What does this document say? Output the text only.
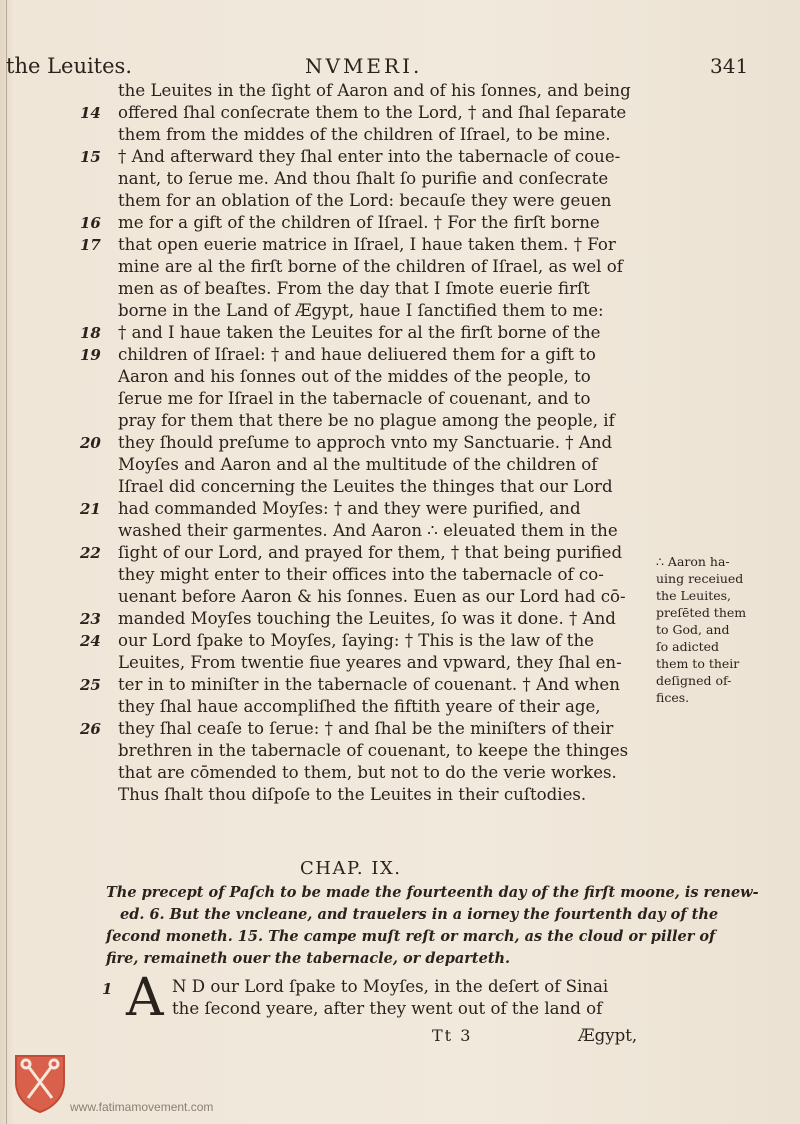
the Leuites.	NVMERI.	341
the Leuites in the ſight of Aaron and of his ſonnes, and being
14	offered ſhal conſecrate them to the Lord, † and ſhal ſeparate
them from the middes of the children of Iſrael, to be mine.
15	† And afterward they ſhal enter into the tabernacle of coue-
nant, to ſerue me. And thou ſhalt ſo purifie and conſecrate
them for an oblation of the Lord: becauſe they were geuen
16	me for a gift of the children of Iſrael. † For the firſt borne
17	that open euerie matrice in Iſrael, I haue taken them. † For
mine are al the firſt borne of the children of Iſrael, as wel of
men as of beaſtes. From the day that I ſmote euerie firſt
borne in the Land of Ægypt, haue I ſanctified them to me:
18	† and I haue taken the Leuites for al the firſt borne of the
19	children of Iſrael: † and haue deliuered them for a gift to
Aaron and his ſonnes out of the middes of the people, to
ſerue me for Iſrael in the tabernacle of couenant, and to
pray for them that there be no plague among the people, if
20	they ſhould preſume to approch vnto my Sanctuarie. † And
Moyſes and Aaron and al the multitude of the children of
Iſrael did concerning the Leuites the thinges that our Lord
21	had commanded Moyſes: † and they were purified, and
washed their garmentes. And Aaron ∴ eleuated them in the
22	ſight of our Lord, and prayed for them, † that being purified
they might enter to their offices into the tabernacle of co-
uenant before Aaron & his ſonnes. Euen as our Lord had cō-
23	manded Moyſes touching the Leuites, ſo was it done. † And
24	our Lord ſpake to Moyſes, ſaying: † This is the law of the
Leuites, From twentie fiue yeares and vpward, they ſhal en-
25	ter in to miniſter in the tabernacle of couenant. † And when
they ſhal haue accompliſhed the fiftith yeare of their age,
26	they ſhal ceaſe to ſerue: † and ſhal be the miniſters of their
brethren in the tabernacle of couenant, to keepe the thinges
that are cōmended to them, but not to do the verie workes.
Thus ſhalt thou diſpoſe to the Leuites in their cuſtodies.
∴ Aaron ha-
uing receiued
the Leuites,
preſēted them
to God, and
ſo adicted
them to their
deſigned of-
fices.
CHAP. IX.
The precept of Paſch to be made the fourteenth day of the firſt moone, is renew-
ed. 6. But the vncleane, and trauelers in a iorney the fourtenth day of the
ſecond moneth. 15. The campe muſt reſt or march, as the cloud or piller of
fire, remaineth ouer the tabernacle, or departeth.
1 A N D our Lord ſpake to Moyſes, in the deſert of Sinai
the ſecond yeare, after they went out of the land of
Tt 3	Ægypt,
www.fatimamovement.com
